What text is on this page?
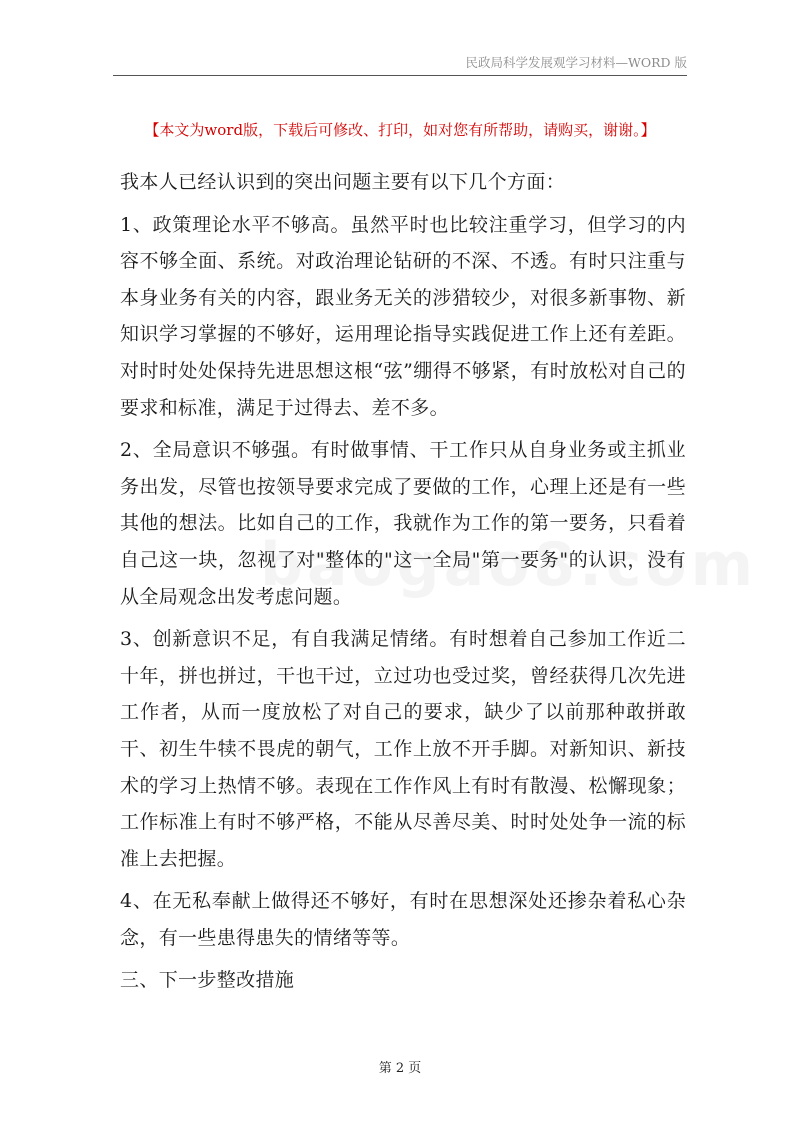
民政局科学发展观学习材料—WORD 版
【本文为word版，下载后可修改、打印，如对您有所帮助，请购买，谢谢。】

我本人已经认识到的突出问题主要有以下几个方面：

1、政策理论水平不够高。虽然平时也比较注重学习，但学习的内容不够全面、系统。对政治理论钻研的不深、不透。有时只注重与本身业务有关的内容，跟业务无关的涉猎较少，对很多新事物、新知识学习掌握的不够好，运用理论指导实践促进工作上还有差距。对时时处处保持先进思想这根“弦”绷得不够紧，有时放松对自己的要求和标准，满足于过得去、差不多。

2、全局意识不够强。有时做事情、干工作只从自身业务或主抓业务出发，尽管也按领导要求完成了要做的工作，心理上还是有一些其他的想法。比如自己的工作，我就作为工作的第一要务，只看着自己这一块，忽视了对"整体的"这一全局"第一要务"的认识，没有从全局观念出发考虑问题。

3、创新意识不足，有自我满足情绪。有时想着自己参加工作近二十年，拼也拼过，干也干过，立过功也受过奖，曾经获得几次先进工作者，从而一度放松了对自己的要求，缺少了以前那种敢拼敢干、初生牛犊不畏虎的朝气，工作上放不开手脚。对新知识、新技术的学习上热情不够。表现在工作作风上有时有散漫、松懈现象；工作标准上有时不够严格，不能从尽善尽美、时时处处争一流的标准上去把握。

4、在无私奉献上做得还不够好，有时在思想深处还掺杂着私心杂念，有一些患得患失的情绪等等。

三、下一步整改措施

第 2 页
